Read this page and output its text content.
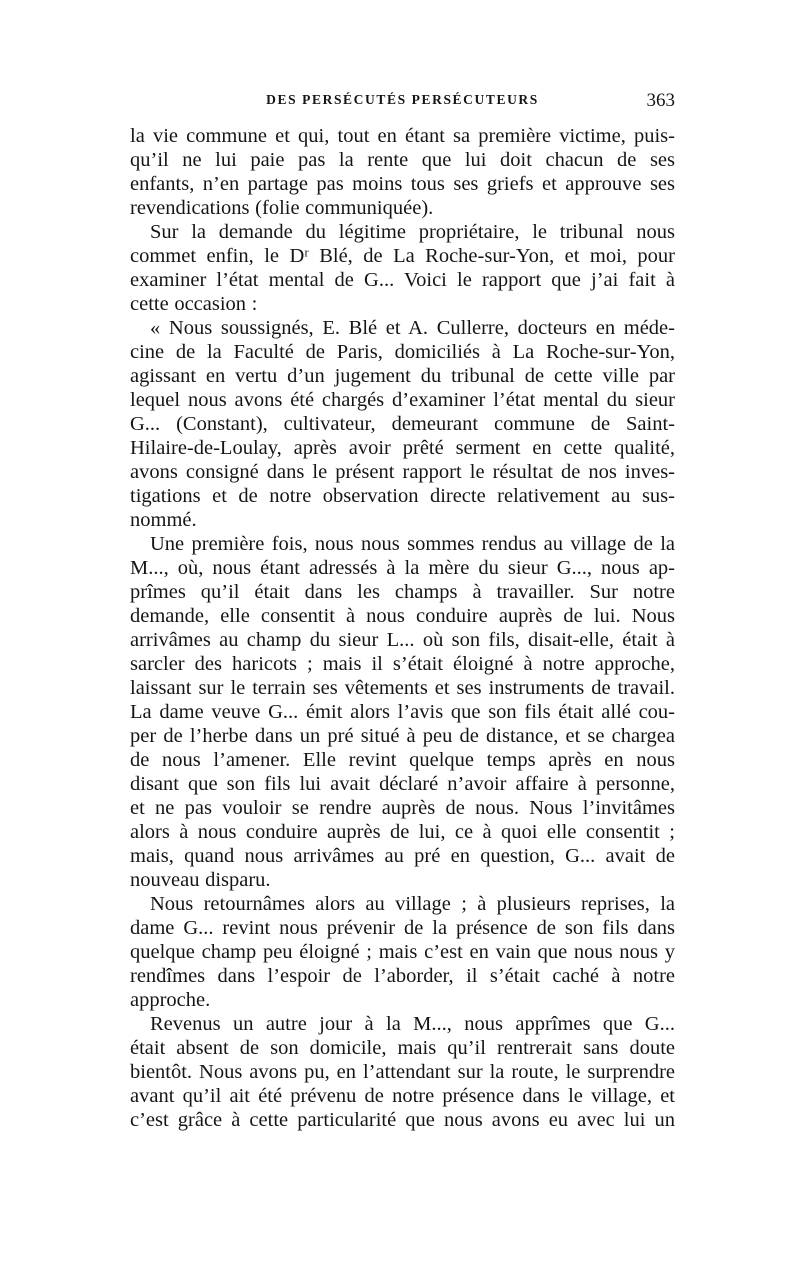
DES PERSÉCUTÉS PERSÉCUTEURS	363
la vie commune et qui, tout en étant sa première victime, puis-
qu’il ne lui paie pas la rente que lui doit chacun de ses
enfants, n’en partage pas moins tous ses griefs et approuve ses
revendications (folie communiquée).
Sur la demande du légitime propriétaire, le tribunal nous
commet enfin, le Dʳ Blé, de La Roche-sur-Yon, et moi, pour
examiner l’état mental de G... Voici le rapport que j’ai fait à
cette occasion :
« Nous soussignés, E. Blé et A. Cullerre, docteurs en méde-
cine de la Faculté de Paris, domiciliés à La Roche-sur-Yon,
agissant en vertu d’un jugement du tribunal de cette ville par
lequel nous avons été chargés d’examiner l’état mental du sieur
G... (Constant), cultivateur, demeurant commune de Saint-
Hilaire-de-Loulay, après avoir prêté serment en cette qualité,
avons consigné dans le présent rapport le résultat de nos inves-
tigations et de notre observation directe relativement au sus-
nommé.
Une première fois, nous nous sommes rendus au village de la
M..., où, nous étant adressés à la mère du sieur G..., nous ap-
prîmes qu’il était dans les champs à travailler. Sur notre
demande, elle consentit à nous conduire auprès de lui. Nous
arrivâmes au champ du sieur L... où son fils, disait-elle, était à
sarcler des haricots ; mais il s’était éloigné à notre approche,
laissant sur le terrain ses vêtements et ses instruments de travail.
La dame veuve G... émit alors l’avis que son fils était allé cou-
per de l’herbe dans un pré situé à peu de distance, et se chargea
de nous l’amener. Elle revint quelque temps après en nous
disant que son fils lui avait déclaré n’avoir affaire à personne,
et ne pas vouloir se rendre auprès de nous. Nous l’invitâmes
alors à nous conduire auprès de lui, ce à quoi elle consentit ;
mais, quand nous arrivâmes au pré en question, G... avait de
nouveau disparu.
Nous retournâmes alors au village ; à plusieurs reprises, la
dame G... revint nous prévenir de la présence de son fils dans
quelque champ peu éloigné ; mais c’est en vain que nous nous y
rendîmes dans l’espoir de l’aborder, il s’était caché à notre
approche.
Revenus un autre jour à la M..., nous apprîmes que G...
était absent de son domicile, mais qu’il rentrerait sans doute
bientôt. Nous avons pu, en l’attendant sur la route, le surprendre
avant qu’il ait été prévenu de notre présence dans le village, et
c’est grâce à cette particularité que nous avons eu avec lui un
